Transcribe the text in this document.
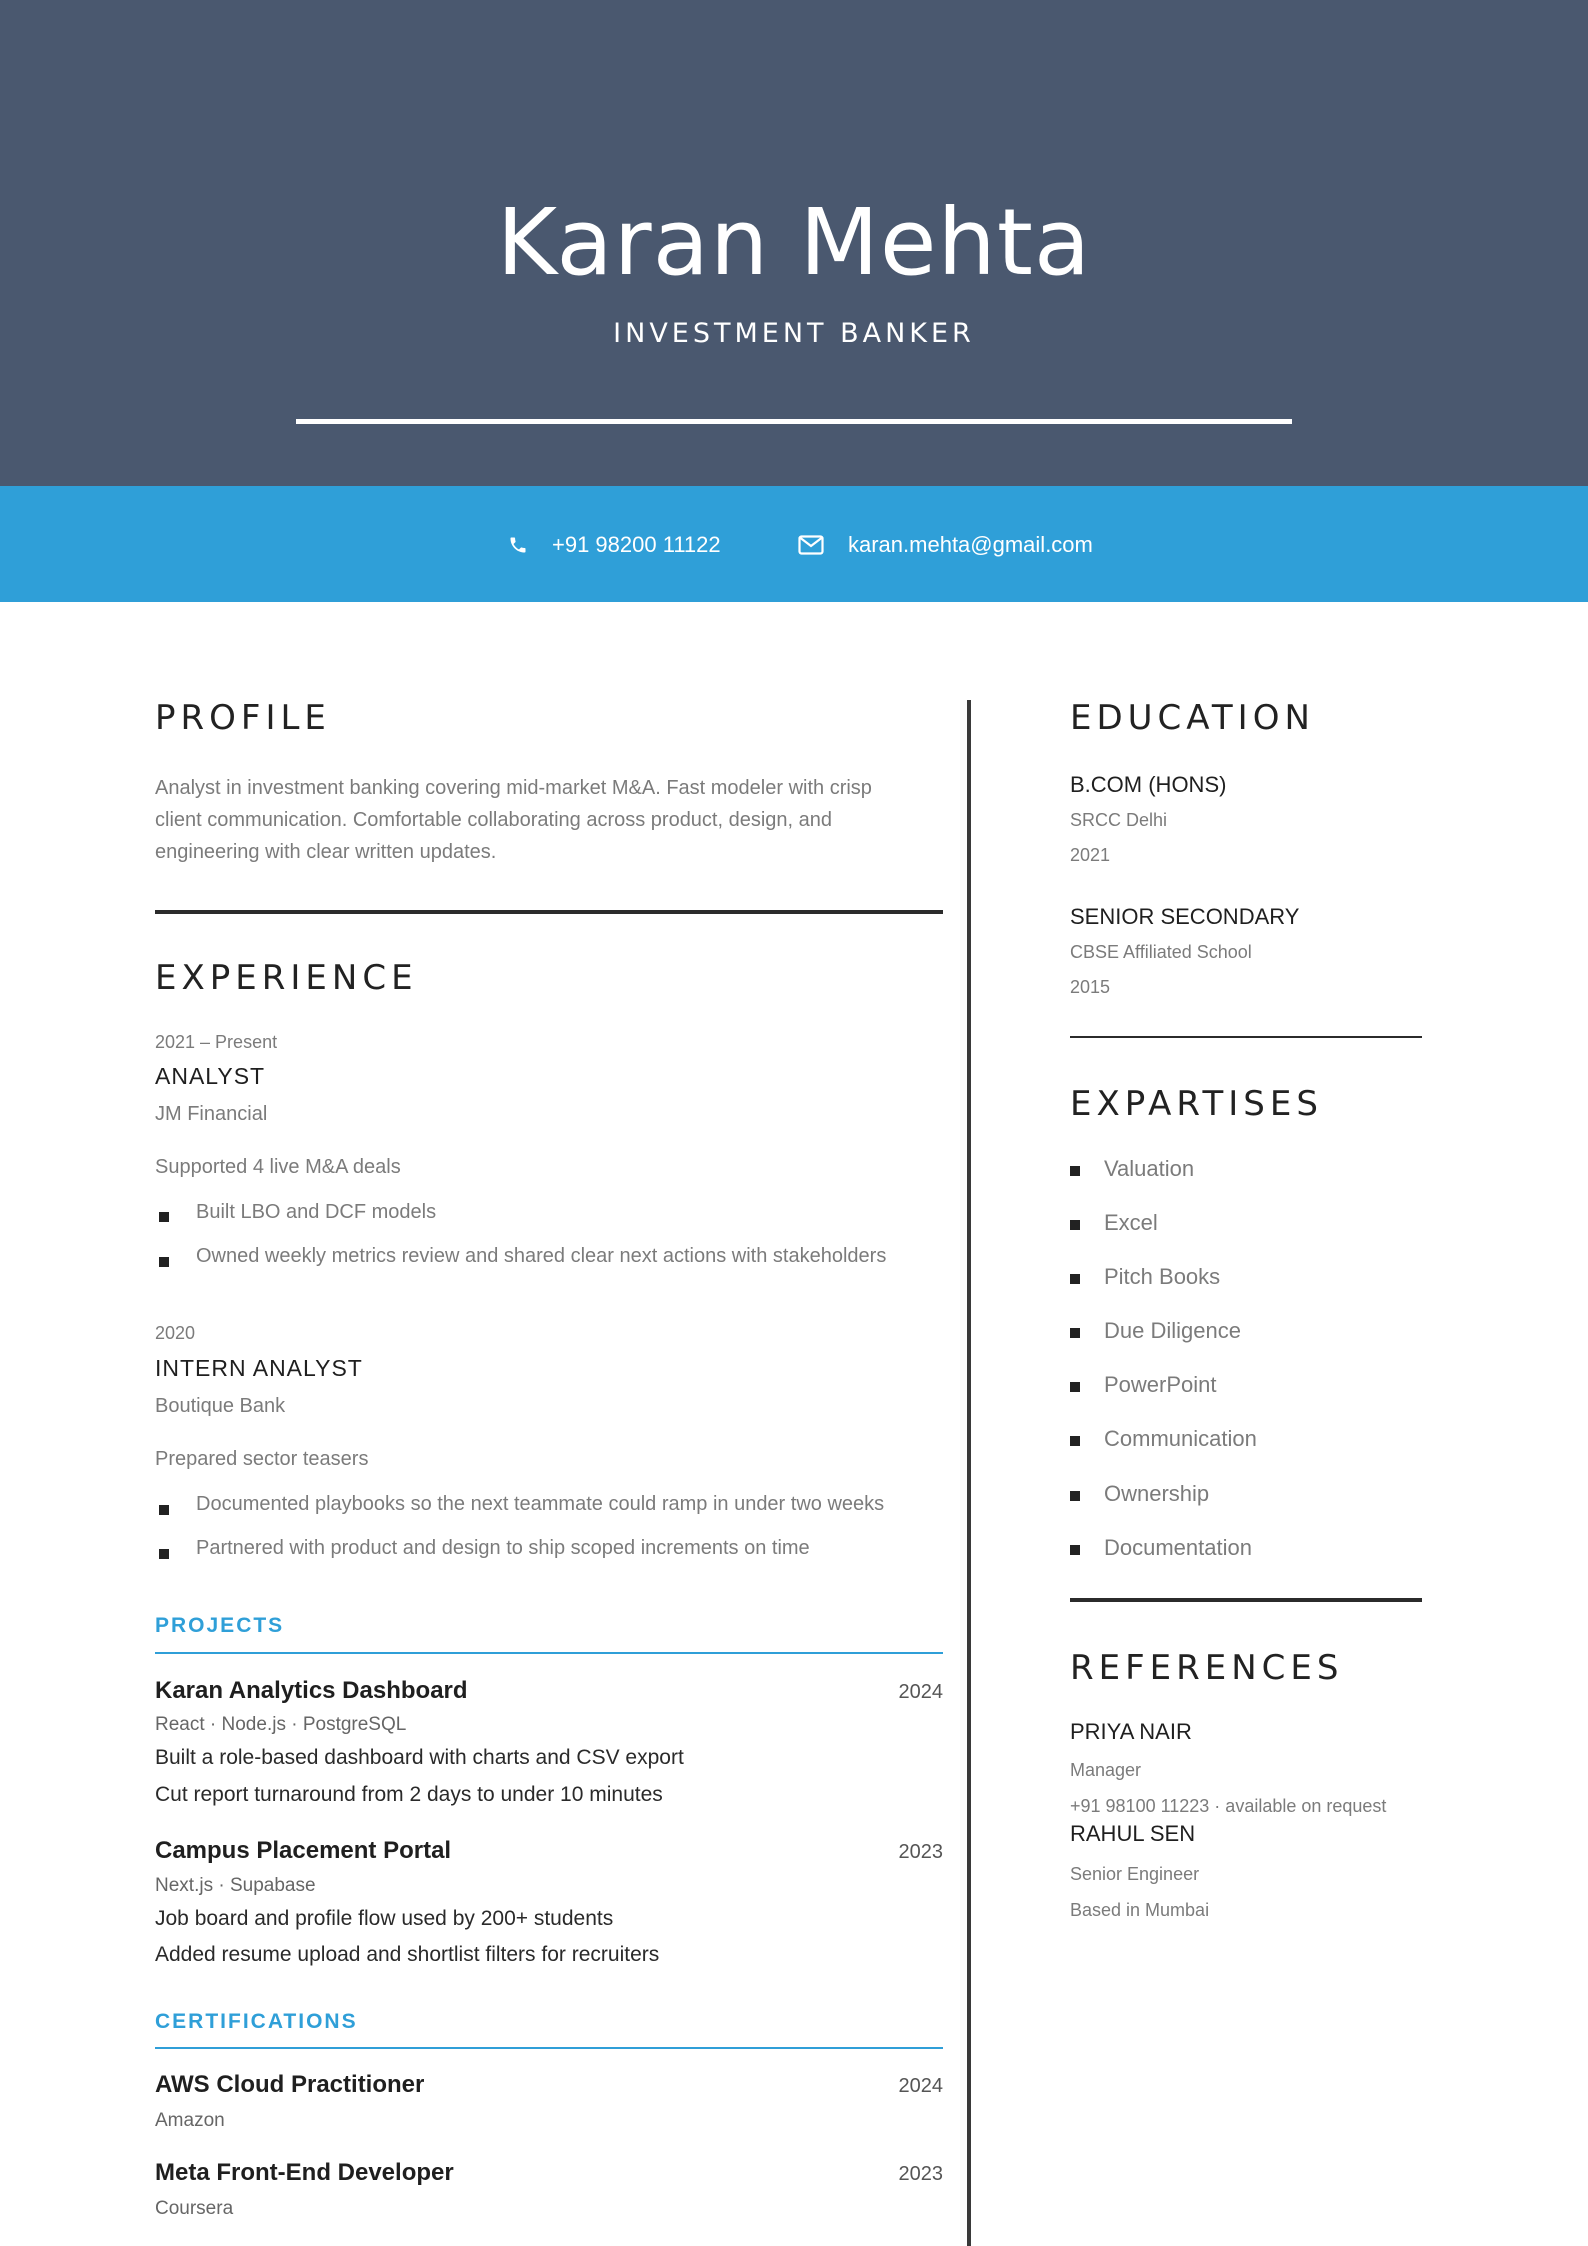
Karan Mehta
INVESTMENT BANKER
+91 98200 11122	karan.mehta@gmail.com
PROFILE
Analyst in investment banking covering mid-market M&A. Fast modeler with crisp
client communication. Comfortable collaborating across product, design, and
engineering with clear written updates.
EXPERIENCE
2021 – Present
ANALYST
JM Financial
Supported 4 live M&A deals
Built LBO and DCF models
Owned weekly metrics review and shared clear next actions with stakeholders
2020
INTERN ANALYST
Boutique Bank
Prepared sector teasers
Documented playbooks so the next teammate could ramp in under two weeks
Partnered with product and design to ship scoped increments on time
PROJECTS
Karan Analytics Dashboard	2024
React · Node.js · PostgreSQL
Built a role-based dashboard with charts and CSV export
Cut report turnaround from 2 days to under 10 minutes
Campus Placement Portal	2023
Next.js · Supabase
Job board and profile flow used by 200+ students
Added resume upload and shortlist filters for recruiters
CERTIFICATIONS
AWS Cloud Practitioner	2024
Amazon
Meta Front-End Developer	2023
Coursera
EDUCATION
B.COM (HONS)
SRCC Delhi
2021
SENIOR SECONDARY
CBSE Affiliated School
2015
EXPARTISES
Valuation
Excel
Pitch Books
Due Diligence
PowerPoint
Communication
Ownership
Documentation
REFERENCES
PRIYA NAIR
Manager
+91 98100 11223 · available on request
RAHUL SEN
Senior Engineer
Based in Mumbai
